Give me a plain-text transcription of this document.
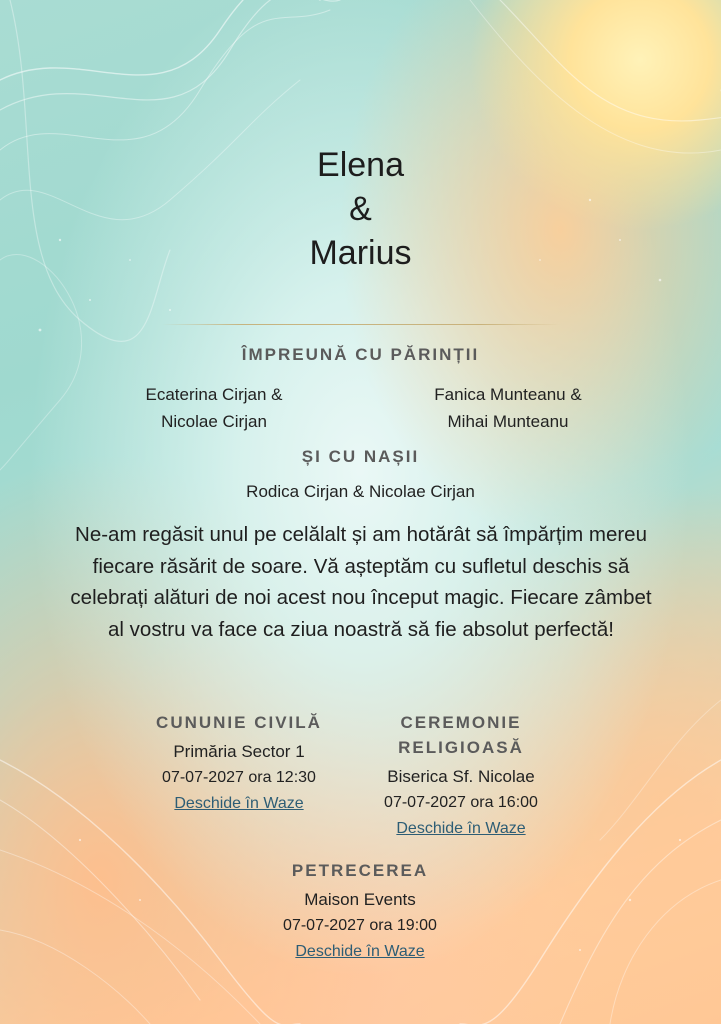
Elena
&
Marius
ÎMPREUNĂ CU PĂRINȚII
Ecaterina Cirjan &
Nicolae Cirjan
Fanica Munteanu &
Mihai Munteanu
ȘI CU NAȘII
Rodica Cirjan & Nicolae Cirjan
Ne-am regăsit unul pe celălalt și am hotărât să împărțim mereu fiecare răsărit de soare. Vă așteptăm cu sufletul deschis să celebrați alături de noi acest nou început magic. Fiecare zâmbet al vostru va face ca ziua noastră să fie absolut perfectă!
CUNUNIE CIVILĂ
Primăria Sector 1
07-07-2027 ora 12:30
Deschide în Waze
CEREMONIE
RELIGIOASĂ
Biserica Sf. Nicolae
07-07-2027 ora 16:00
Deschide în Waze
PETRECEREA
Maison Events
07-07-2027 ora 19:00
Deschide în Waze
